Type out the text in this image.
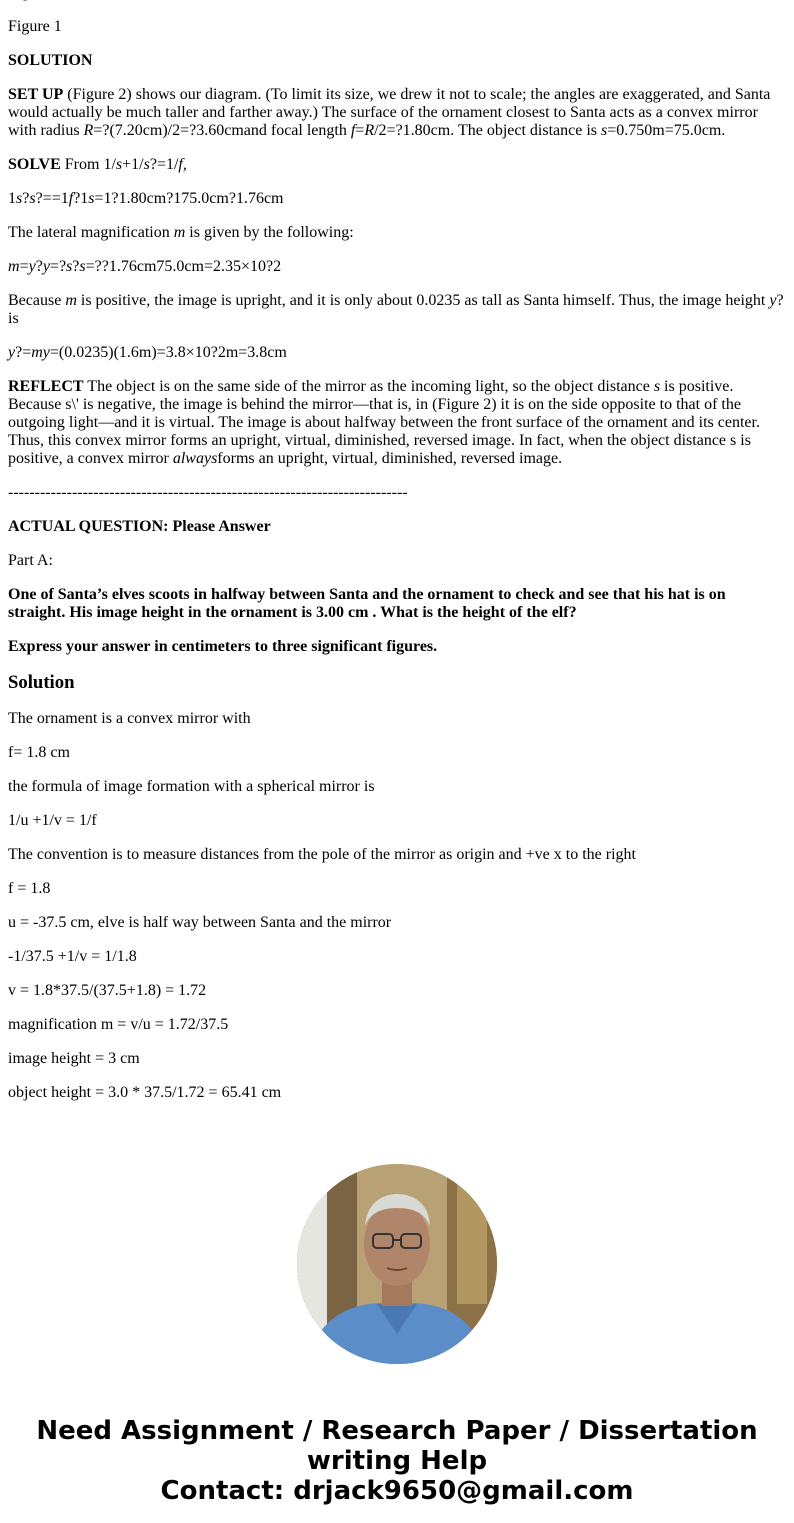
Figure 1

SOLUTION

SET UP (Figure 2) shows our diagram. (To limit its size, we drew it not to scale; the angles are exaggerated, and Santa would actually be much taller and farther away.) The surface of the ornament closest to Santa acts as a convex mirror with radius R=?(7.20cm)/2=?3.60cmand focal length f=R/2=?1.80cm. The object distance is s=0.750m=75.0cm.

SOLVE From 1/s+1/s?=1/f,

1s?s?==1f?1s=1?1.80cm?175.0cm?1.76cm

The lateral magnification m is given by the following:

m=y?y=?s?s=??1.76cm75.0cm=2.35×10?2

Because m is positive, the image is upright, and it is only about 0.0235 as tall as Santa himself. Thus, the image height y? is

y?=my=(0.0235)(1.6m)=3.8×10?2m=3.8cm

REFLECT The object is on the same side of the mirror as the incoming light, so the object distance s is positive. Because s\' is negative, the image is behind the mirror—that is, in (Figure 2) it is on the side opposite to that of the outgoing light—and it is virtual. The image is about halfway between the front surface of the ornament and its center. Thus, this convex mirror forms an upright, virtual, diminished, reversed image. In fact, when the object distance s is positive, a convex mirror alwaysforms an upright, virtual, diminished, reversed image.

---------------------------------------------------------------------------

ACTUAL QUESTION: Please Answer

Part A:

One of Santa’s elves scoots in halfway between Santa and the ornament to check and see that his hat is on straight. His image height in the ornament is 3.00 cm . What is the height of the elf?

Express your answer in centimeters to three significant figures.

Solution

The ornament is a convex mirror with

f= 1.8 cm

the formula of image formation with a spherical mirror is

1/u +1/v = 1/f

The convention is to measure distances from the pole of the mirror as origin and +ve x to the right

f = 1.8

u = -37.5 cm, elve is half way between Santa and the mirror

-1/37.5 +1/v = 1/1.8

v = 1.8*37.5/(37.5+1.8) = 1.72

magnification m = v/u = 1.72/37.5

image height = 3 cm

object height = 3.0 * 37.5/1.72 = 65.41 cm

Need Assignment / Research Paper / Dissertation writing Help
Contact: drjack9650@gmail.com
